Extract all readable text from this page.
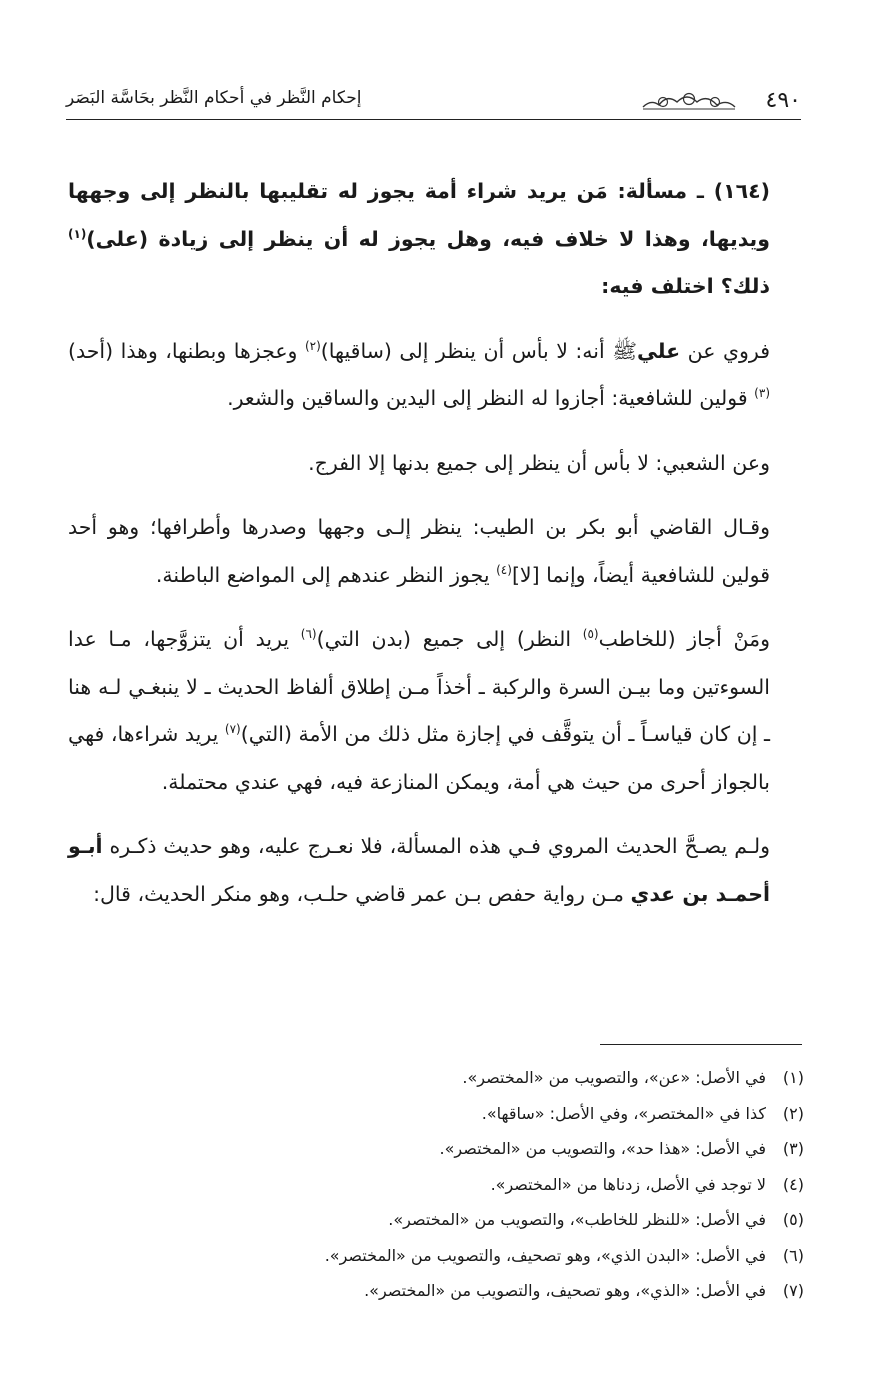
٤٩٠
إحكام النَّظر في أحكام النَّظر بحَاسَّة البَصَر

(١٦٤) ـ مسألة: مَن يريد شراء أمة يجوز له تقليبها بالنظر إلى وجهها ويديها، وهذا لا خلاف فيه، وهل يجوز له أن ينظر إلى زيادة (على)$^{(١)}$ ذلك؟ اختلف فيه:

فروي عن عليﷺ أنه: لا بأس أن ينظر إلى (ساقيها)$^{(٢)}$ وعجزها وبطنها، وهذا (أحد)$^{(٣)}$ قولين للشافعية: أجازوا له النظر إلى اليدين والساقين والشعر.

وعن الشعبي: لا بأس أن ينظر إلى جميع بدنها إلا الفرج.

وقـال القاضي أبو بكر بن الطيب: ينظر إلـى وجهها وصدرها وأطرافها؛ وهو أحد قولين للشافعية أيضاً، وإنما [لا]$^{(٤)}$ يجوز النظر عندهم إلى المواضع الباطنة.

ومَنْ أجاز (للخاطب$^{(٥)}$ النظر) إلى جميع (بدن التي)$^{(٦)}$ يريد أن يتزوَّجها، مـا عدا السوءتين وما بيـن السرة والركبة ـ أخذاً مـن إطلاق ألفاظ الحديث ـ لا ينبغـي لـه هنا ـ إن كان قياسـاً ـ أن يتوقَّف في إجازة مثل ذلك من الأمة (التي)$^{(٧)}$ يريد شراءها، فهي بالجواز أحرى من حيث هي أمة، ويمكن المنازعة فيه، فهي عندي محتملة.

ولـم يصـحَّ الحديث المروي فـي هذه المسألة، فلا نعـرج عليه، وهو حديث ذكـره أبـو أحمـد بن عدي مـن رواية حفص بـن عمر قاضي حلـب، وهو منكر الحديث، قال:

(١)في الأصل: «عن»، والتصويب من «المختصر».
(٢)كذا في «المختصر»، وفي الأصل: «ساقها».
(٣)في الأصل: «هذا حد»، والتصويب من «المختصر».
(٤)لا توجد في الأصل، زدناها من «المختصر».
(٥)في الأصل: «للنظر للخاطب»، والتصويب من «المختصر».
(٦)في الأصل: «البدن الذي»، وهو تصحيف، والتصويب من «المختصر».
(٧)في الأصل: «الذي»، وهو تصحيف، والتصويب من «المختصر».
